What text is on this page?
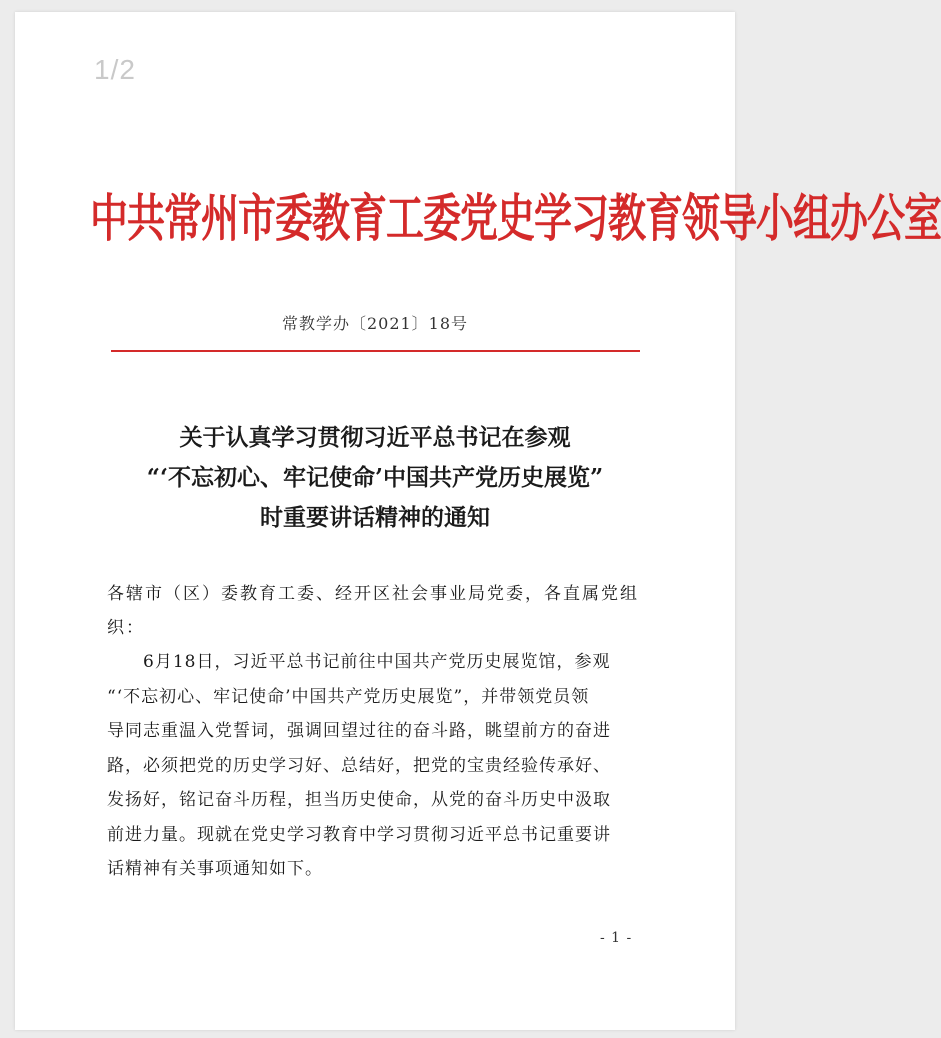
1/2
中共常州市委教育工委党史学习教育领导小组办公室
常教学办〔2021〕18号
关于认真学习贯彻习近平总书记在参观
“‘不忘初心、牢记使命’中国共产党历史展览”
时重要讲话精神的通知
各辖市（区）委教育工委、经开区社会事业局党委，各直属党组
织：
　　6月18日，习近平总书记前往中国共产党历史展览馆，参观
“‘不忘初心、牢记使命’中国共产党历史展览”，并带领党员领
导同志重温入党誓词，强调回望过往的奋斗路，眺望前方的奋进
路，必须把党的历史学习好、总结好，把党的宝贵经验传承好、
发扬好，铭记奋斗历程，担当历史使命，从党的奋斗历史中汲取
前进力量。现就在党史学习教育中学习贯彻习近平总书记重要讲
话精神有关事项通知如下。
- 1 -
